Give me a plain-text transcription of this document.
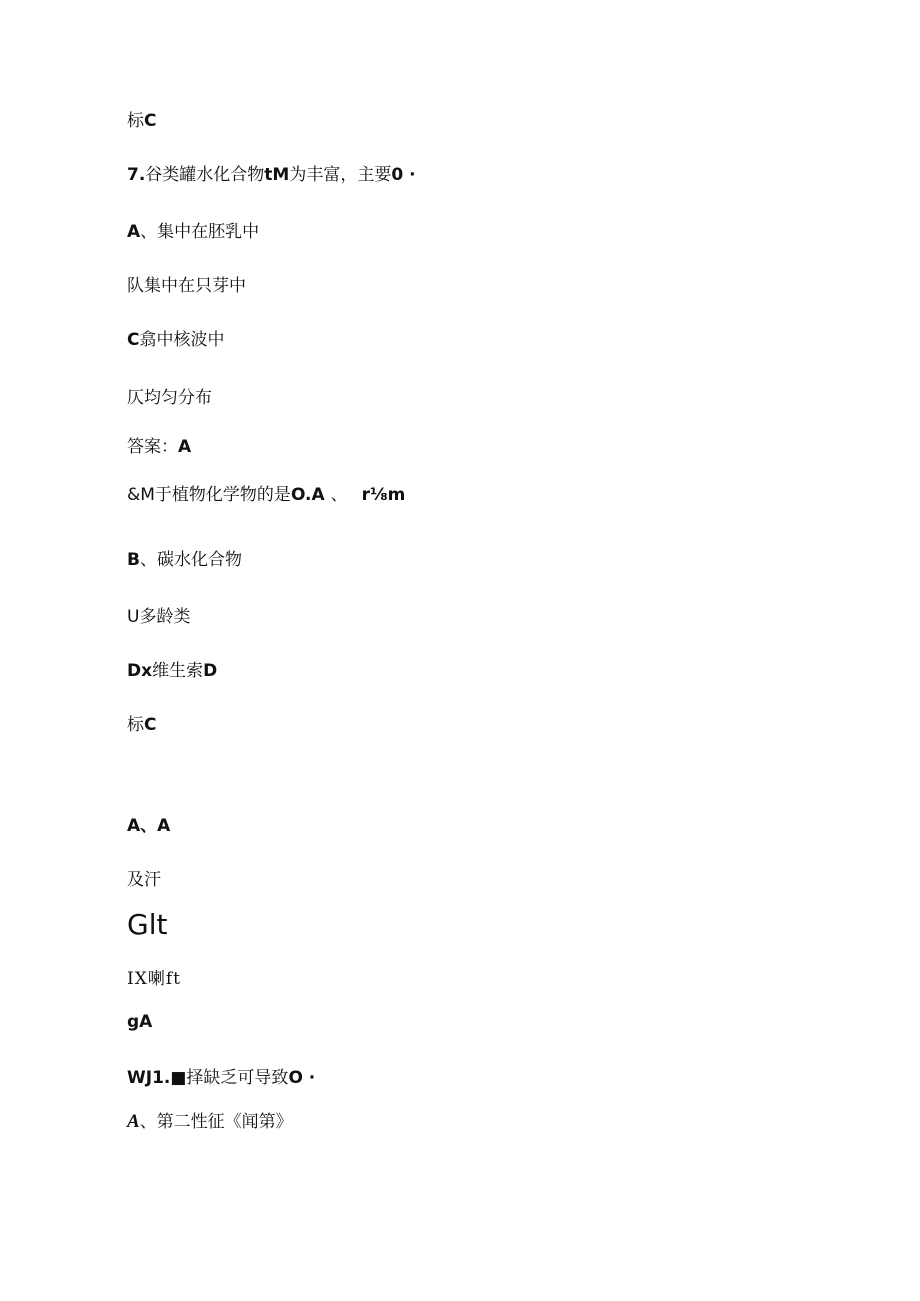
标C
7.谷类罐水化合物tM为丰富，主要0 ·
A、集中在胚乳中
队集中在只芽中
C翕中核波中
仄均匀分布
答案：A
&M于植物化学物的是O.A 、 r⅛m
B、碳水化合物
U多龄类
Dx维生索D
标C
A、A
及汗
Glt
IX喇ft
gA
WJ1.■择缺乏可导致O ·
A、第二性征《闻第》
